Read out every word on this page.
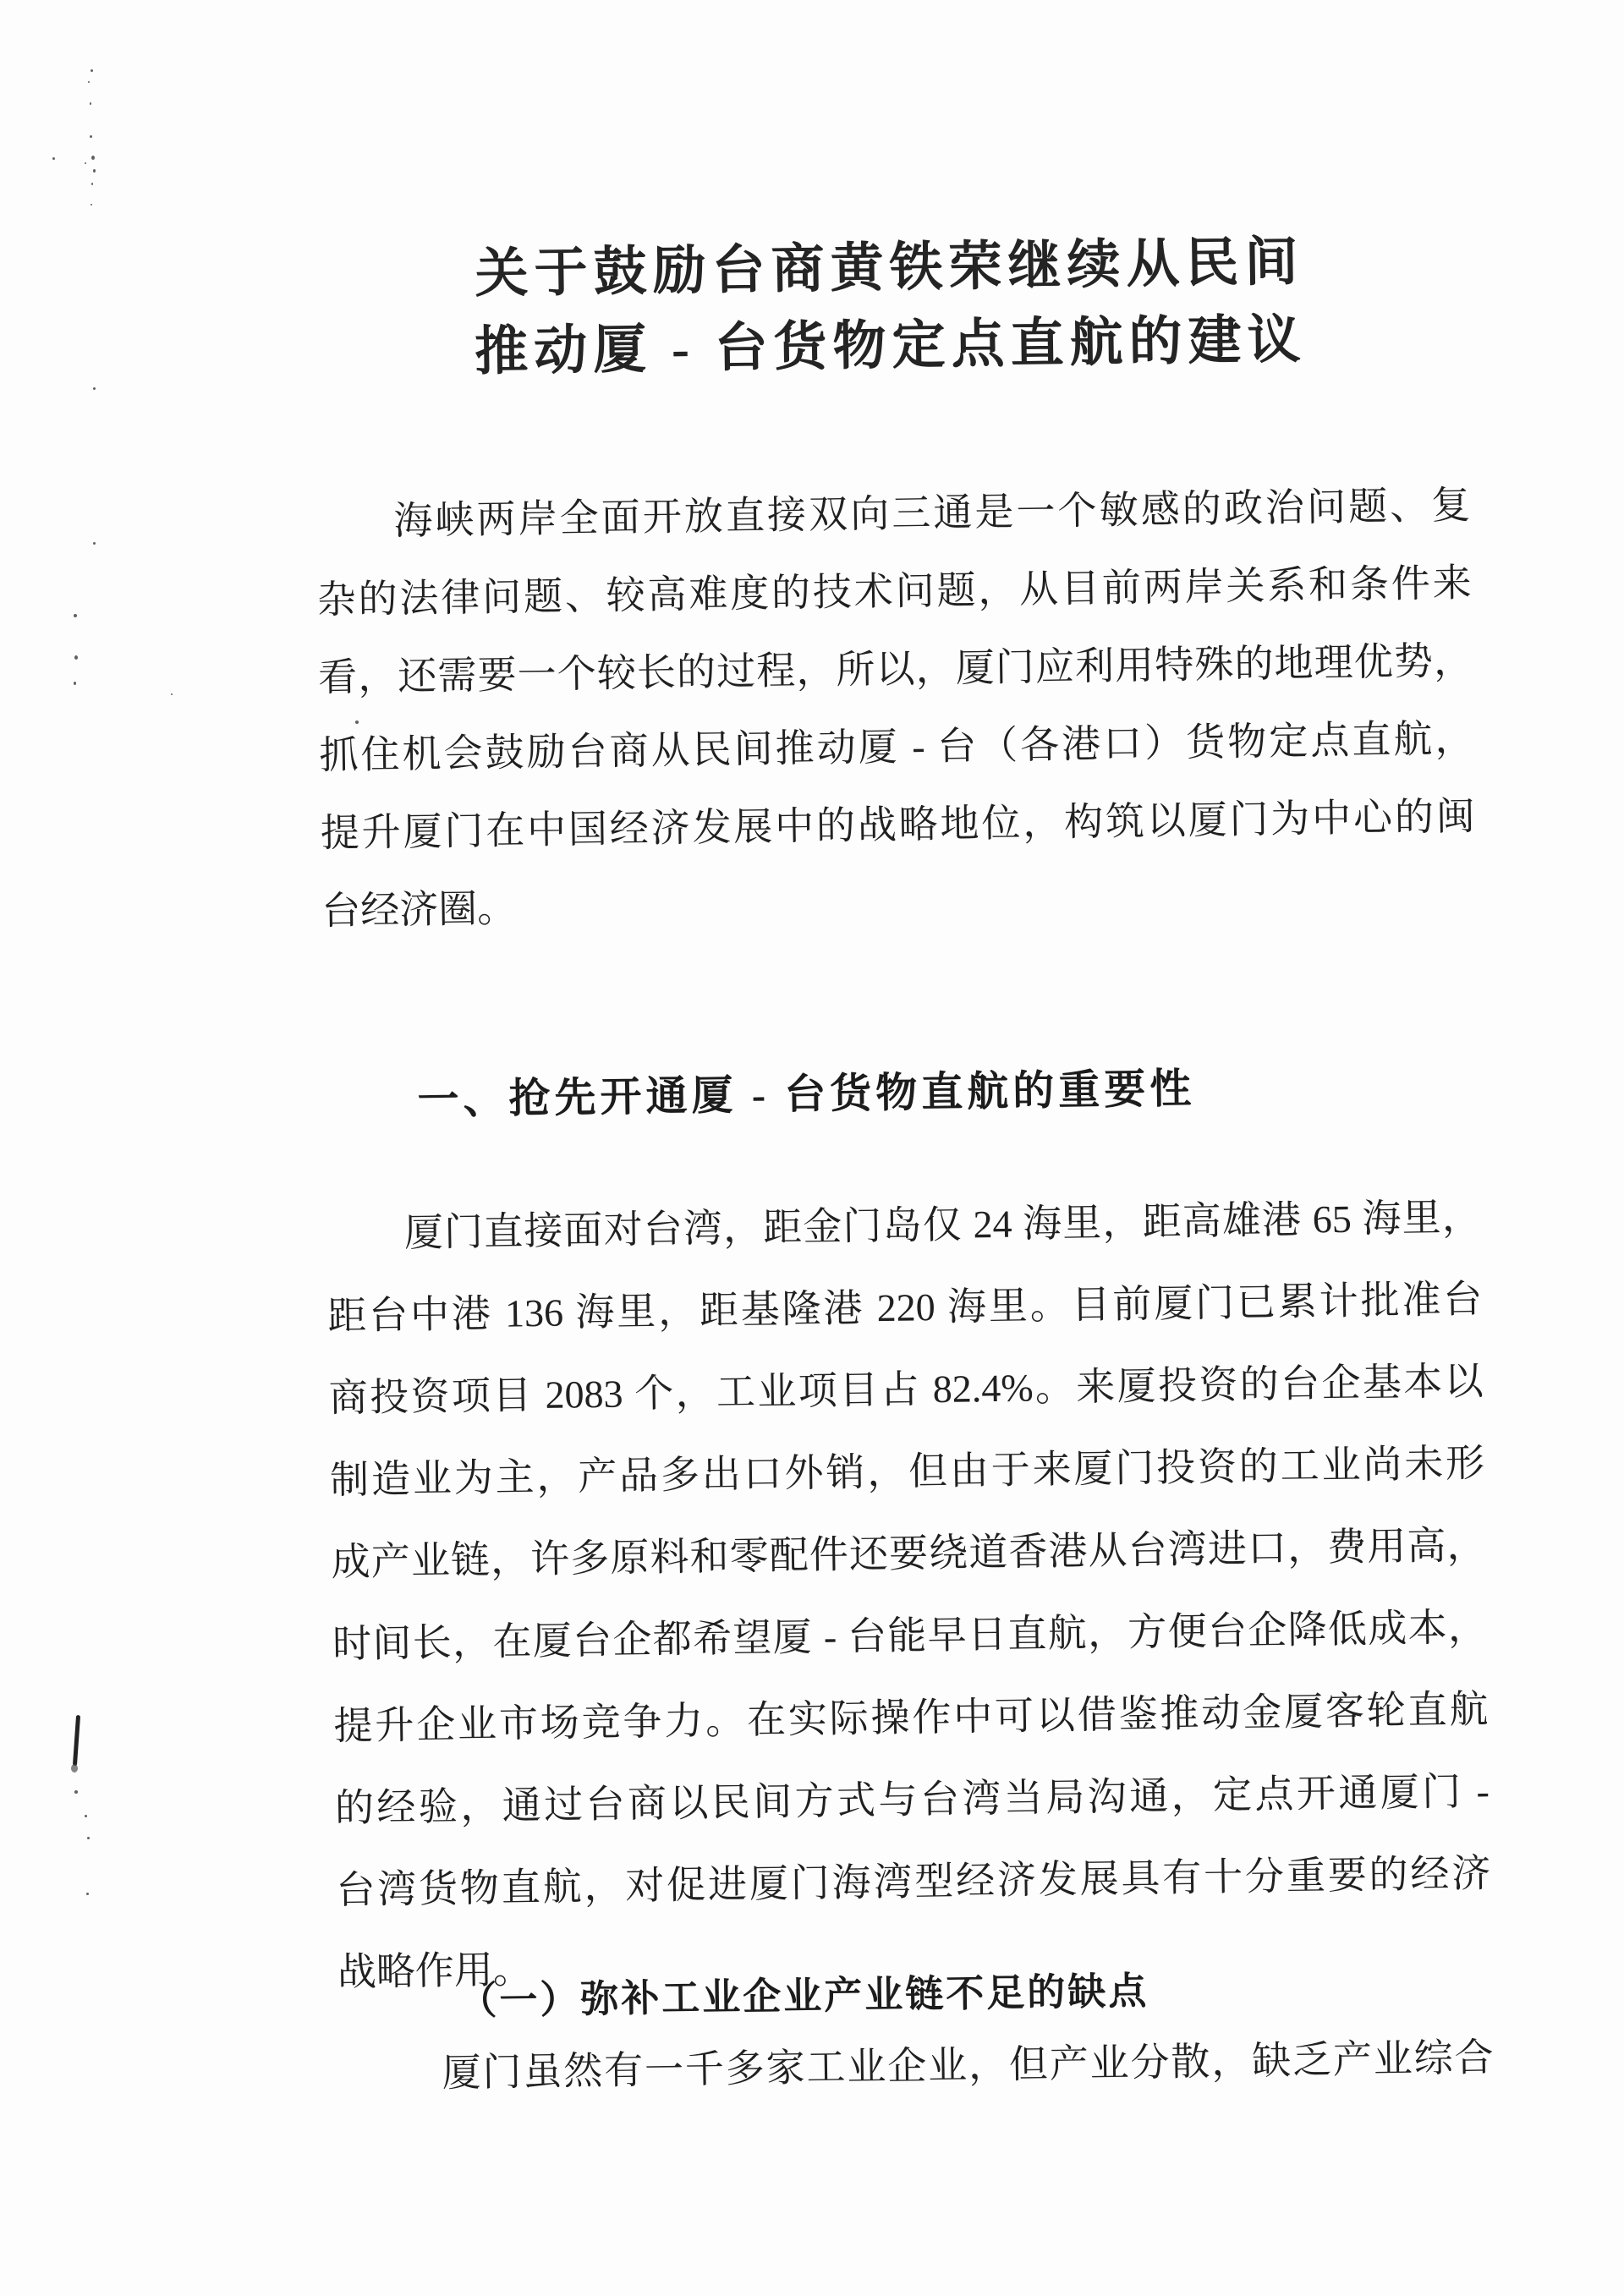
关于鼓励台商黄铁荣继续从民间
推动厦 - 台货物定点直航的建议
海峡两岸全面开放直接双向三通是一个敏感的政治问题、复
杂的法律问题、较高难度的技术问题，从目前两岸关系和条件来
看，还需要一个较长的过程，所以，厦门应利用特殊的地理优势，
抓住机会鼓励台商从民间推动厦 - 台（各港口）货物定点直航，
提升厦门在中国经济发展中的战略地位，构筑以厦门为中心的闽
台经济圈。
一、抢先开通厦 - 台货物直航的重要性
厦门直接面对台湾，距金门岛仅 24 海里，距高雄港 65 海里，
距台中港 136 海里，距基隆港 220 海里。目前厦门已累计批准台
商投资项目 2083 个，工业项目占 82.4%。来厦投资的台企基本以
制造业为主，产品多出口外销，但由于来厦门投资的工业尚未形
成产业链，许多原料和零配件还要绕道香港从台湾进口，费用高，
时间长，在厦台企都希望厦 - 台能早日直航，方便台企降低成本，
提升企业市场竞争力。在实际操作中可以借鉴推动金厦客轮直航
的经验，通过台商以民间方式与台湾当局沟通，定点开通厦门 -
台湾货物直航，对促进厦门海湾型经济发展具有十分重要的经济
战略作用。
（一）弥补工业企业产业链不足的缺点
厦门虽然有一千多家工业企业，但产业分散，缺乏产业综合
